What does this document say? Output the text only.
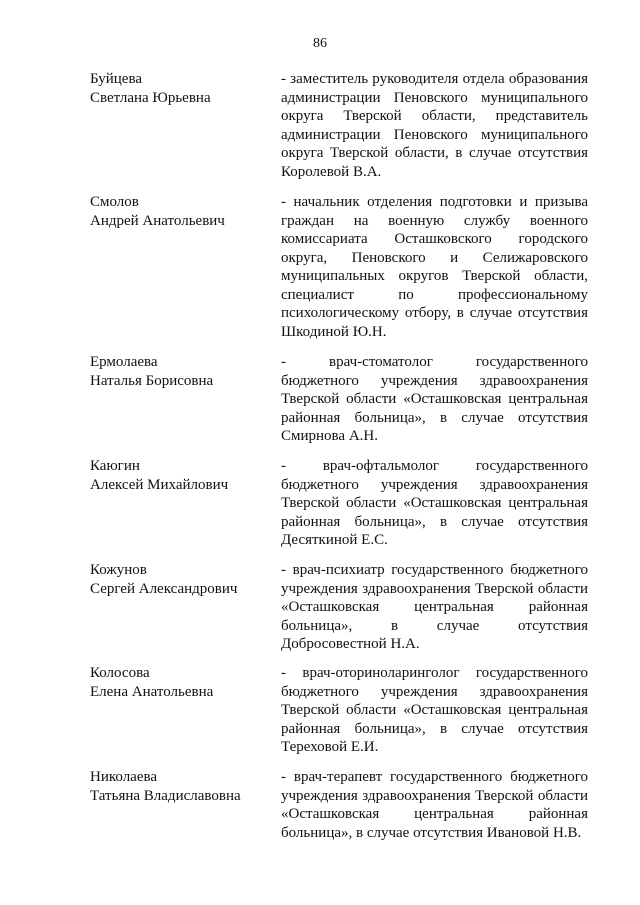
86
Буйцева
Светлана Юрьевна
- заместитель руководителя отдела образования
администрации Пеновского муниципального
округа Тверской области, представитель
администрации Пеновского муниципального
округа Тверской области, в случае отсутствия
Королевой В.А.
Смолов
Андрей Анатольевич
- начальник отделения подготовки и призыва
граждан на военную службу военного
комиссариата Осташковского городского
округа, Пеновского и Селижаровского
муниципальных округов Тверской области,
специалист по профессиональному
психологическому отбору, в случае отсутствия
Шкодиной Ю.Н.
Ермолаева
Наталья Борисовна
- врач-стоматолог государственного
бюджетного учреждения здравоохранения
Тверской области «Осташковская центральная
районная больница», в случае отсутствия
Смирнова А.Н.
Каюгин
Алексей Михайлович
- врач-офтальмолог государственного
бюджетного учреждения здравоохранения
Тверской области «Осташковская центральная
районная больница», в случае отсутствия
Десяткиной Е.С.
Кожунов
Сергей Александрович
- врач-психиатр государственного бюджетного
учреждения здравоохранения Тверской области
«Осташковская центральная районная
больница», в случае отсутствия
Добросовестной Н.А.
Колосова
Елена Анатольевна
- врач-оториноларинголог государственного
бюджетного учреждения здравоохранения
Тверской области «Осташковская центральная
районная больница», в случае отсутствия
Тереховой Е.И.
Николаева
Татьяна Владиславовна
- врач-терапевт государственного бюджетного
учреждения здравоохранения Тверской области
«Осташковская центральная районная
больница», в случае отсутствия Ивановой Н.В.
